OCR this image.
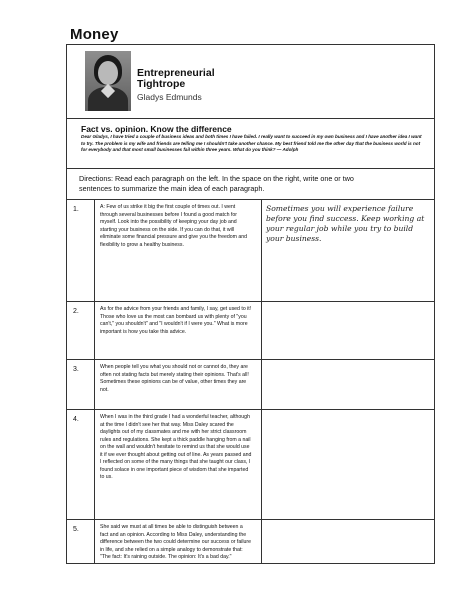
Money
Entrepreneurial
Tightrope
Gladys Edmunds
Fact vs. opinion. Know the difference
Dear Gladys, I have tried a couple of business ideas and both times I have failed. I really want to succeed in my own business and I have another idea I want to try. The problem is my wife and friends are telling me I shouldn't take another chance. My best friend told me the other day that the business world is not for everybody and that most small businesses fail within three years. What do you think? — Adolph
Directions: Read each paragraph on the left. In the space on the right, write one or two sentences to summarize the main idea of each paragraph.
1.	A: Few of us strike it big the first couple of times out. I went through several businesses before I found a good match for myself. Look into the possibility of keeping your day job and starting your business on the side. If you can do that, it will eliminate some financial pressure and give you the freedom and flexibility to grow a healthy business.
Sometimes you will experience failure before you find success. Keep working at your regular job while you try to build your business.
2.	As for the advice from your friends and family, I say, get used to it! Those who love us the most can bombard us with plenty of "you can't," you shouldn't" and "I wouldn't if I were you." What is more important is how you take this advice.
3.	When people tell you what you should not or cannot do, they are often not stating facts but merely stating their opinions. That's all! Sometimes these opinions can be of value, other times they are not.
4.	When I was in the third grade I had a wonderful teacher, although at the time I didn't see her that way. Miss Daley scared the daylights out of my classmates and me with her strict classroom rules and regulations. She kept a thick paddle hanging from a nail on the wall and wouldn't hesitate to remind us that she would use it if we ever thought about getting out of line. As years passed and I reflected on some of the many things that she taught our class, I found solace in one important piece of wisdom that she imparted to us.
5.	She said we must at all times be able to distinguish between a fact and an opinion. According to Miss Daley, understanding the difference between the two could determine our success or failure in life, and she relied on a simple analogy to demonstrate that: "The fact: It's raining outside. The opinion: It's a bad day."
